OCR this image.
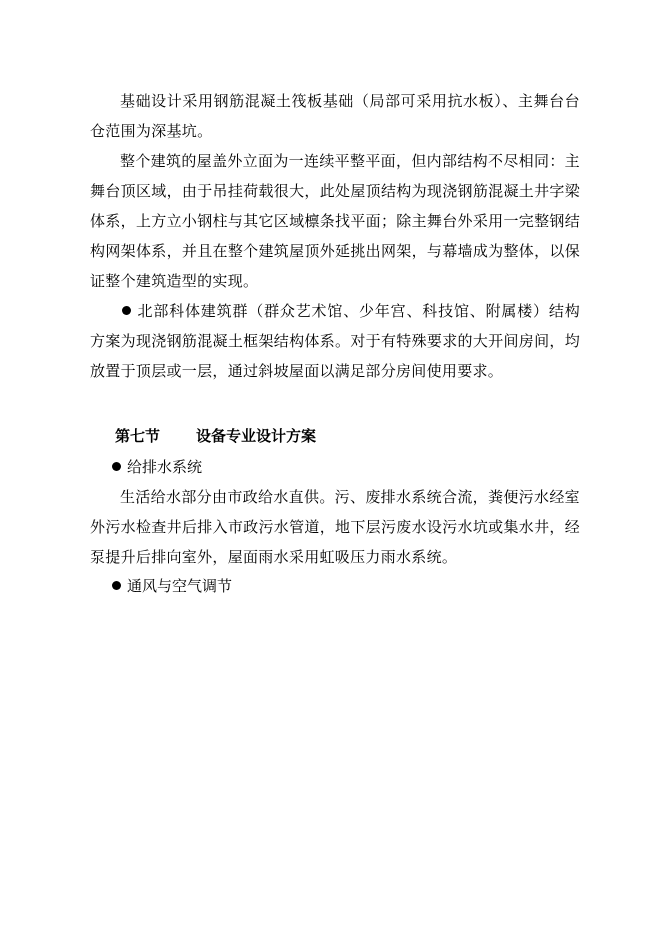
基础设计采用钢筋混凝土筏板基础（局部可采用抗水板）、主舞台台仓范围为深基坑。

整个建筑的屋盖外立面为一连续平整平面，但内部结构不尽相同：主舞台顶区域，由于吊挂荷载很大，此处屋顶结构为现浇钢筋混凝土井字梁体系，上方立小钢柱与其它区域檩条找平面；除主舞台外采用一完整钢结构网架体系，并且在整个建筑屋顶外延挑出网架，与幕墙成为整体，以保证整个建筑造型的实现。

北部科体建筑群（群众艺术馆、少年宫、科技馆、附属楼）结构方案为现浇钢筋混凝土框架结构体系。对于有特殊要求的大开间房间，均放置于顶层或一层，通过斜坡屋面以满足部分房间使用要求。

第七节 设备专业设计方案
给排水系统

生活给水部分由市政给水直供。污、废排水系统合流，粪便污水经室外污水检查井后排入市政污水管道，地下层污废水设污水坑或集水井，经泵提升后排向室外，屋面雨水采用虹吸压力雨水系统。

通风与空气调节
